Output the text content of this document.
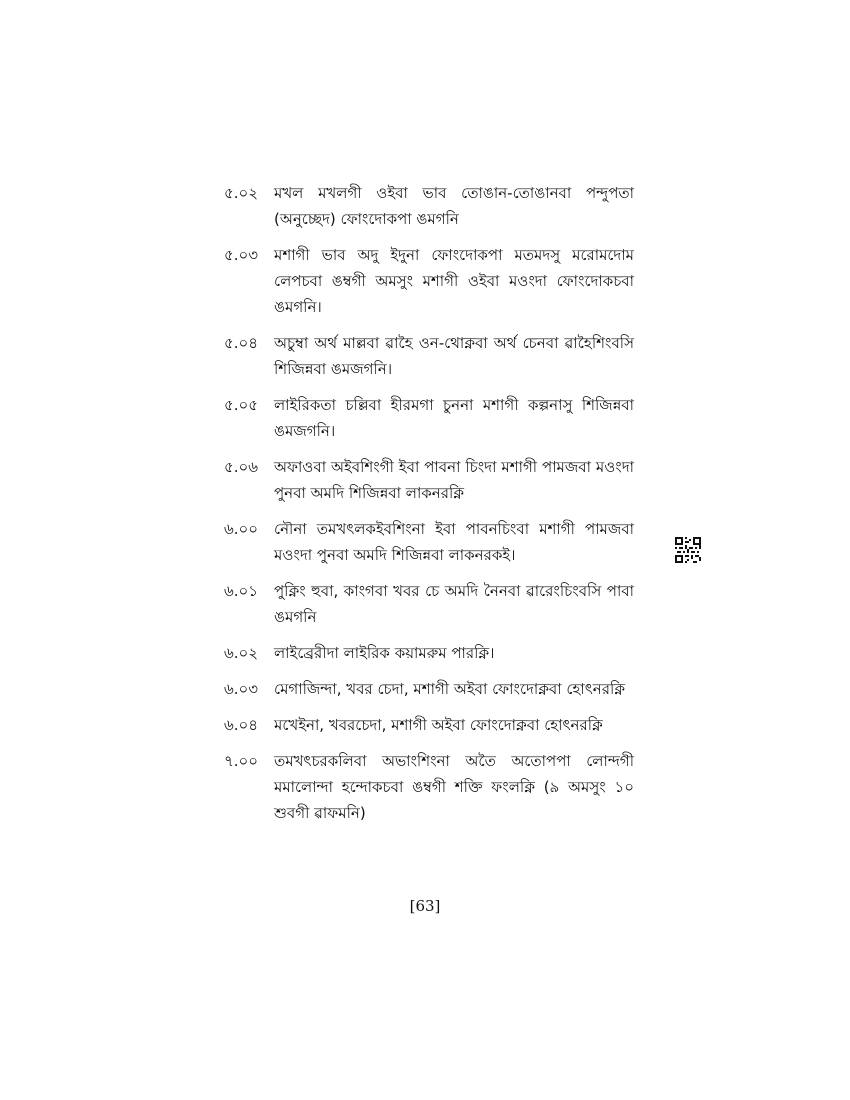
৫.০২	মখল মখলগী ওইবা ভাব তোঙান-তোঙানবা পন্দুপতা (অনুচ্ছেদ) ফোংদোকপা ঙমগনি
৫.০৩	মশাগী ভাব অদু ইদুনা ফোংদোকপা মতমদসু মরোমদোম লেপচবা ঙম্বগী অমসুং মশাগী ওইবা মওংদা ফোংদোকচবা ঙমগনি।
৫.০৪	অচুম্বা অর্থ মাল্লবা ৱাহৈ ওন-থোক্নবা অর্থ চেনবা ৱাহৈশিংবসি শিজিন্নবা ঙমজগনি।
৫.০৫	লাইরিকতা চল্লিবা হীরমগা চুননা মশাগী কল্পনাসু শিজিন্নবা ঙমজগনি।
৫.০৬	অফাওবা অইবশিংগী ইবা পাবনা চিংদা মশাগী পামজবা মওংদা পুনবা অমদি শিজিন্নবা লাকনরক্নি
৬.০০	নৌনা তমখৎলকইবশিংনা ইবা পাবনচিংবা মশাগী পামজবা মওংদা পুনবা অমদি শিজিন্নবা লাকনরকই।
৬.০১	পুক্নিং হুবা, কাংগবা খবর চে অমদি নৈনবা ৱারেংচিংবসি পাবা ঙমগনি
৬.০২	লাইব্রেরীদা লাইরিক কয়ামরুম পারক্নি।
৬.০৩	মেগাজিন্দা, খবর চেদা, মশাগী অইবা ফোংদোক্নবা হোৎনরক্নি
৬.০৪	মখেইনা, খবরচেদা, মশাগী অইবা ফোংদোক্নবা হোৎনরক্নি
৭.০০	তমখৎচরকলিবা অভাংশিংনা অতৈ অতোপপা লোন্দগী মমালোন্দা হন্দোকচবা ঙম্বগী শক্তি ফংলক্নি (৯ অমসুং ১০ শুবগী ৱাফমনি)
[63]
